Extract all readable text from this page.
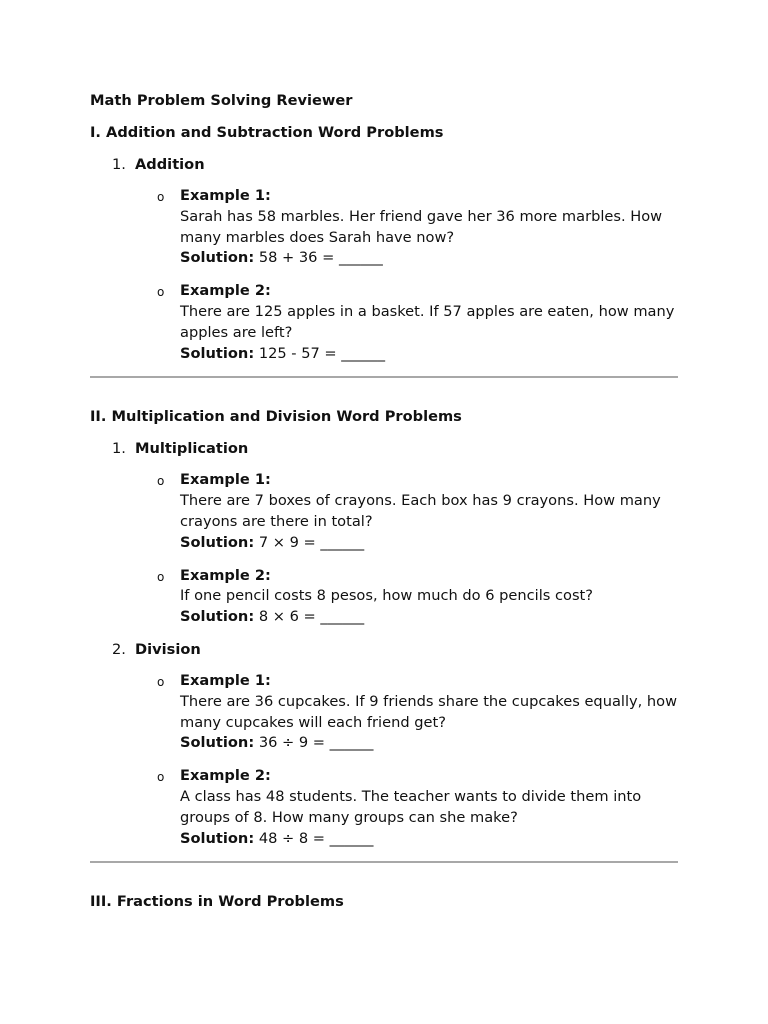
Math Problem Solving Reviewer
I. Addition and Subtraction Word Problems
1. Addition
o Example 1:
Sarah has 58 marbles. Her friend gave her 36 more marbles. How many marbles does Sarah have now?
Solution: 58 + 36 = ______
o Example 2:
There are 125 apples in a basket. If 57 apples are eaten, how many apples are left?
Solution: 125 - 57 = ______
II. Multiplication and Division Word Problems
1. Multiplication
o Example 1:
There are 7 boxes of crayons. Each box has 9 crayons. How many crayons are there in total?
Solution: 7 × 9 = ______
o Example 2:
If one pencil costs 8 pesos, how much do 6 pencils cost?
Solution: 8 × 6 = ______
2. Division
o Example 1:
There are 36 cupcakes. If 9 friends share the cupcakes equally, how many cupcakes will each friend get?
Solution: 36 ÷ 9 = ______
o Example 2:
A class has 48 students. The teacher wants to divide them into groups of 8. How many groups can she make?
Solution: 48 ÷ 8 = ______
III. Fractions in Word Problems
